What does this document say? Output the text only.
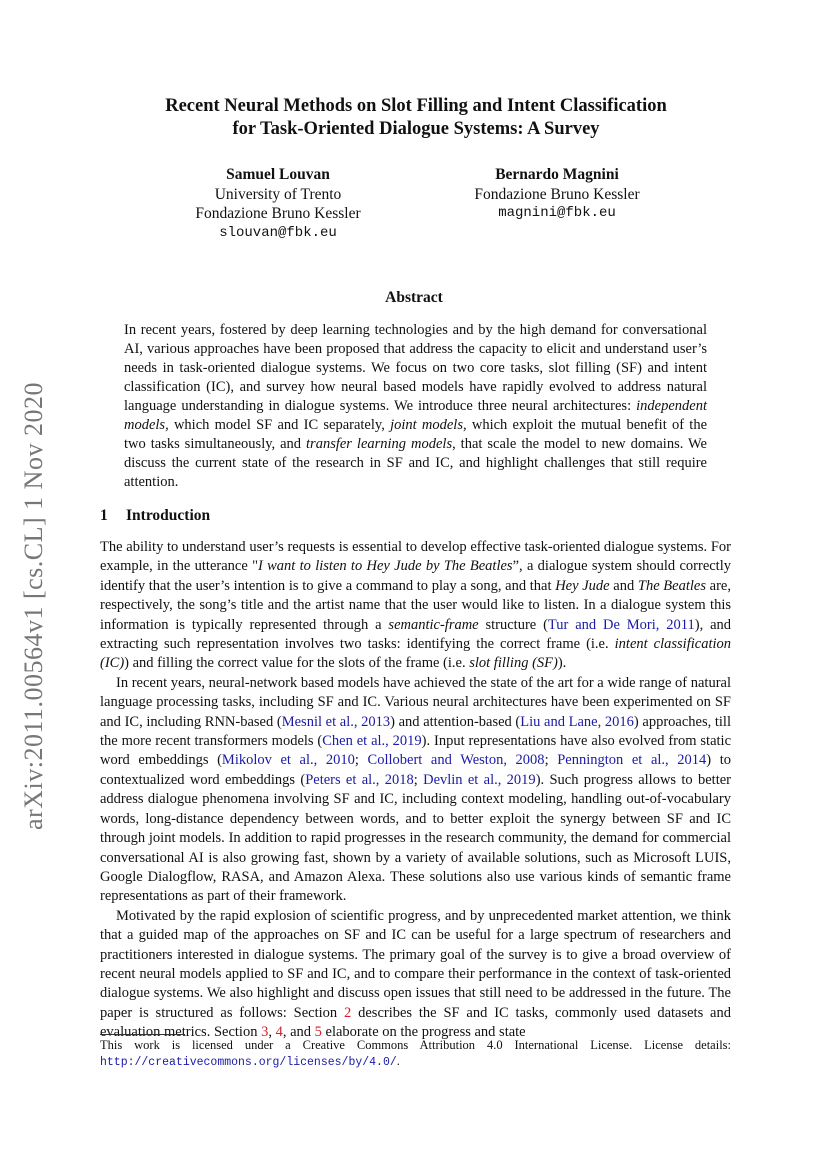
arXiv:2011.00564v1 [cs.CL] 1 Nov 2020
Recent Neural Methods on Slot Filling and Intent Classification
for Task-Oriented Dialogue Systems: A Survey
Samuel Louvan
University of Trento
Fondazione Bruno Kessler
slouvan@fbk.eu
Bernardo Magnini
Fondazione Bruno Kessler
magnini@fbk.eu
Abstract

In recent years, fostered by deep learning technologies and by the high demand for conversational AI, various approaches have been proposed that address the capacity to elicit and understand user’s needs in task-oriented dialogue systems. We focus on two core tasks, slot filling (SF) and intent classification (IC), and survey how neural based models have rapidly evolved to address natural language understanding in dialogue systems. We introduce three neural architectures: independent models, which model SF and IC separately, joint models, which exploit the mutual benefit of the two tasks simultaneously, and transfer learning models, that scale the model to new domains. We discuss the current state of the research in SF and IC, and highlight challenges that still require attention.

1 Introduction

The ability to understand user’s requests is essential to develop effective task-oriented dialogue systems. For example, in the utterance "I want to listen to Hey Jude by The Beatles”, a dialogue system should correctly identify that the user’s intention is to give a command to play a song, and that Hey Jude and The Beatles are, respectively, the song’s title and the artist name that the user would like to listen. In a dialogue system this information is typically represented through a semantic-frame structure (Tur and De Mori, 2011), and extracting such representation involves two tasks: identifying the correct frame (i.e. intent classification (IC)) and filling the correct value for the slots of the frame (i.e. slot filling (SF)).

In recent years, neural-network based models have achieved the state of the art for a wide range of natural language processing tasks, including SF and IC. Various neural architectures have been experimented on SF and IC, including RNN-based (Mesnil et al., 2013) and attention-based (Liu and Lane, 2016) approaches, till the more recent transformers models (Chen et al., 2019). Input representations have also evolved from static word embeddings (Mikolov et al., 2010; Collobert and Weston, 2008; Pennington et al., 2014) to contextualized word embeddings (Peters et al., 2018; Devlin et al., 2019). Such progress allows to better address dialogue phenomena involving SF and IC, including context modeling, handling out-of-vocabulary words, long-distance dependency between words, and to better exploit the synergy between SF and IC through joint models. In addition to rapid progresses in the research community, the demand for commercial conversational AI is also growing fast, shown by a variety of available solutions, such as Microsoft LUIS, Google Dialogflow, RASA, and Amazon Alexa. These solutions also use various kinds of semantic frame representations as part of their framework.

Motivated by the rapid explosion of scientific progress, and by unprecedented market attention, we think that a guided map of the approaches on SF and IC can be useful for a large spectrum of researchers and practitioners interested in dialogue systems. The primary goal of the survey is to give a broad overview of recent neural models applied to SF and IC, and to compare their performance in the context of task-oriented dialogue systems. We also highlight and discuss open issues that still need to be addressed in the future. The paper is structured as follows: Section 2 describes the SF and IC tasks, commonly used datasets and evaluation metrics. Section 3, 4, and 5 elaborate on the progress and state

This work is licensed under a Creative Commons Attribution 4.0 International License. License details: http://creativecommons.org/licenses/by/4.0/.
